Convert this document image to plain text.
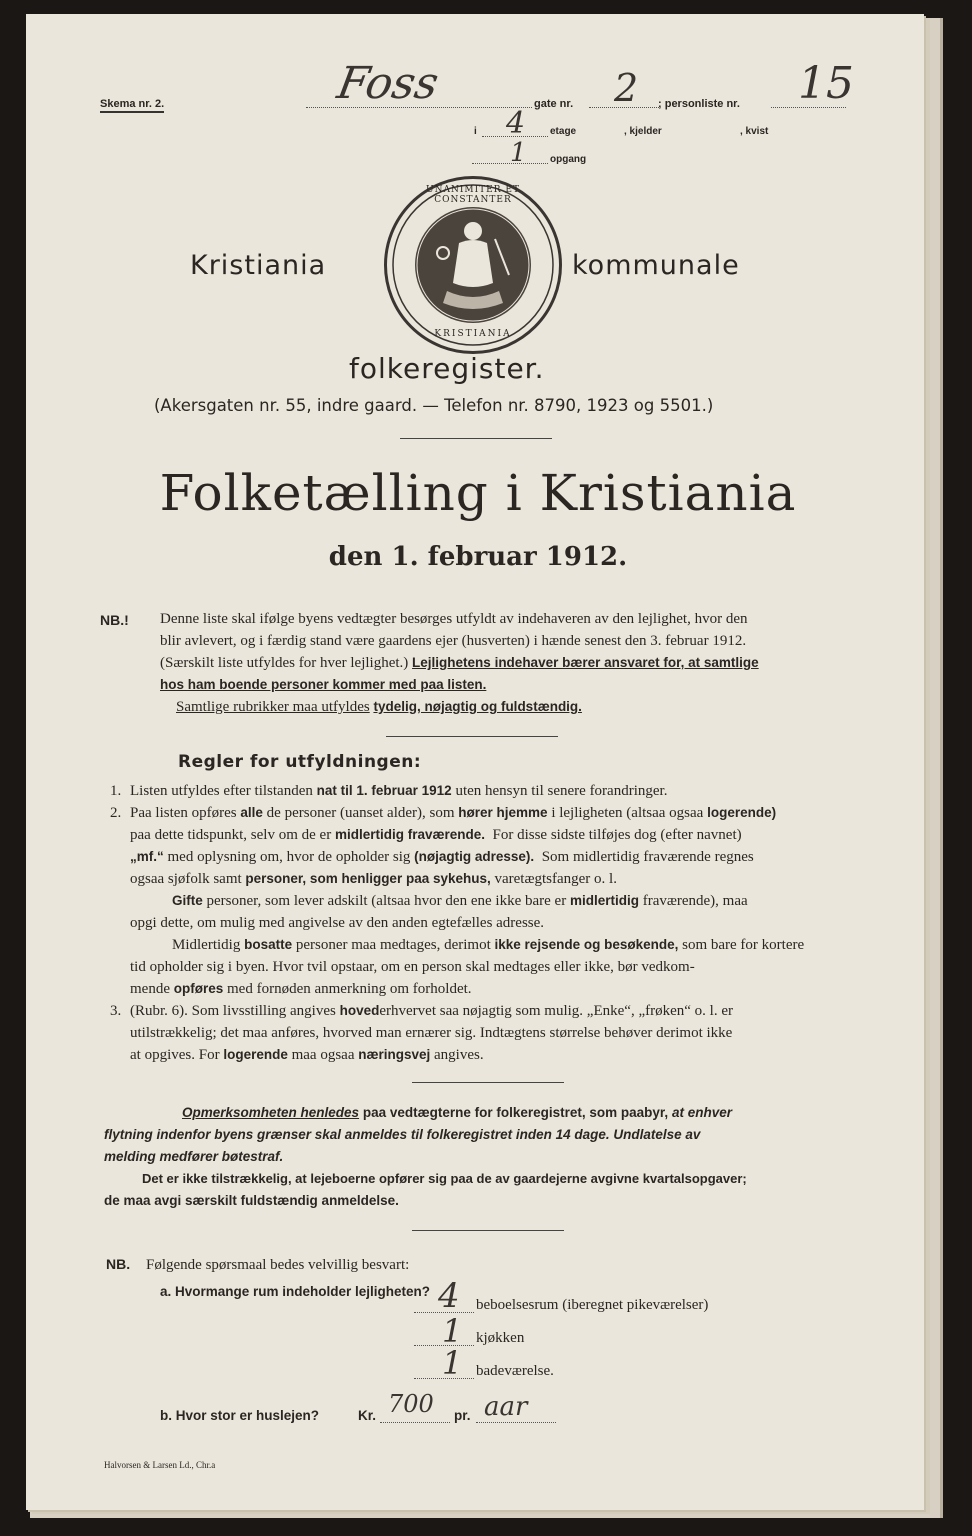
Skema nr. 2.	Foss	gate nr. 2 ; personliste nr. 15
i 4 etage	, kjelder	, kvist
1 opgang
Kristiania
UNANIMITER ET CONSTANTER
KRISTIANIA
kommunale
folkeregister.
(Akersgaten nr. 55, indre gaard. — Telefon nr. 8790, 1923 og 5501.)
Folketælling i Kristiania
den 1. februar 1912.
NB.! Denne liste skal ifølge byens vedtægter besørges utfyldt av indehaveren av den lejlighet, hvor den
blir avlevert, og i færdig stand være gaardens ejer (husverten) i hænde senest den 3. februar 1912.
(Særskilt liste utfyldes for hver lejlighet.) Lejlighetens indehaver bærer ansvaret for, at samtlige
hos ham boende personer kommer med paa listen.
Samtlige rubrikker maa utfyldes tydelig, nøjagtig og fuldstændig.
Regler for utfyldningen:
1. Listen utfyldes efter tilstanden nat til 1. februar 1912 uten hensyn til senere forandringer.
2. Paa listen opføres alle de personer (uanset alder), som hører hjemme i lejligheten (altsaa ogsaa logerende)
paa dette tidspunkt, selv om de er midlertidig fraværende. For disse sidste tilføjes dog (efter navnet)
„mf.“ med oplysning om, hvor de opholder sig (nøjagtig adresse). Som midlertidig fraværende regnes
ogsaa sjøfolk samt personer, som henligger paa sykehus, varetægtsfanger o. l.
Gifte personer, som lever adskilt (altsaa hvor den ene ikke bare er midlertidig fraværende), maa
opgi dette, om mulig med angivelse av den anden egtefælles adresse.
Midlertidig bosatte personer maa medtages, derimot ikke rejsende og besøkende, som bare for kortere
tid opholder sig i byen. Hvor tvil opstaar, om en person skal medtages eller ikke, bør vedkom-
mende opføres med fornøden anmerkning om forholdet.
3. (Rubr. 6). Som livsstilling angives hovederhvervet saa nøjagtig som mulig. „Enke“, „frøken“ o. l. er
utilstrækkelig; det maa anføres, hvorved man ernærer sig. Indtægtens størrelse behøver derimot ikke
at opgives. For logerende maa ogsaa næringsvej angives.
Opmerksomheten henledes paa vedtægterne for folkeregistret, som paabyr, at enhver
flytning indenfor byens grænser skal anmeldes til folkeregistret inden 14 dage. Undlatelse av
melding medfører bøtestraf.
Det er ikke tilstrækkelig, at lejeboerne opfører sig paa de av gaardejerne avgivne kvartalsopgaver;
de maa avgi særskilt fuldstændig anmeldelse.
NB. Følgende spørsmaal bedes velvillig besvart:
a. Hvormange rum indeholder lejligheten? 4 beboelsesrum (iberegnet pikeværelser)
1 kjøkken
1 badeværelse.
b. Hvor stor er huslejen?	Kr. 700 pr. aar
Halvorsen & Larsen Ld., Chr.a
